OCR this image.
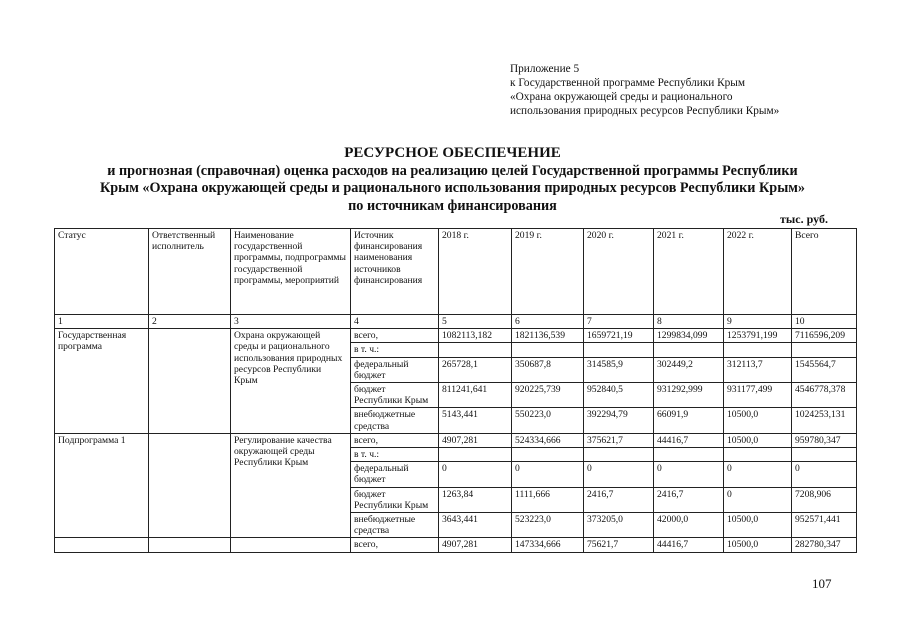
Приложение 5
к Государственной программе Республики Крым
«Охрана окружающей среды и рационального
использования природных ресурсов Республики Крым»
РЕСУРСНОЕ ОБЕСПЕЧЕНИЕ
и прогнозная (справочная) оценка расходов на реализацию целей Государственной программы Республики
Крым «Охрана окружающей среды и рационального использования природных ресурсов Республики Крым»
по источникам финансирования
тыс. руб.
Статус	Ответственный исполнитель	Наименование государственной программы, подпрограммы государственной программы, мероприятий	Источник финансирования наименования источников финансирования	2018 г.	2019 г.	2020 г.	2021 г.	2022 г.	Всего
1	2	3	4	5	6	7	8	9	10
Государственная программа		Охрана окружающей среды и рационального использования природных ресурсов Республики Крым	всего,	1082113,182	1821136,539	1659721,19	1299834,099	1253791,199	7116596,209
			в т. ч.:						
			федеральный бюджет	265728,1	350687,8	314585,9	302449,2	312113,7	1545564,7
			бюджет Республики Крым	811241,641	920225,739	952840,5	931292,999	931177,499	4546778,378
			внебюджетные средства	5143,441	550223,0	392294,79	66091,9	10500,0	1024253,131
Подпрограмма 1		Регулирование качества окружающей среды Республики Крым	всего,	4907,281	524334,666	375621,7	44416,7	10500,0	959780,347
			в т. ч.:						
			федеральный бюджет	0	0	0	0	0	0
			бюджет Республики Крым	1263,84	1111,666	2416,7	2416,7	0	7208,906
			внебюджетные средства	3643,441	523223,0	373205,0	42000,0	10500,0	952571,441
			всего,	4907,281	147334,666	75621,7	44416,7	10500,0	282780,347
107
